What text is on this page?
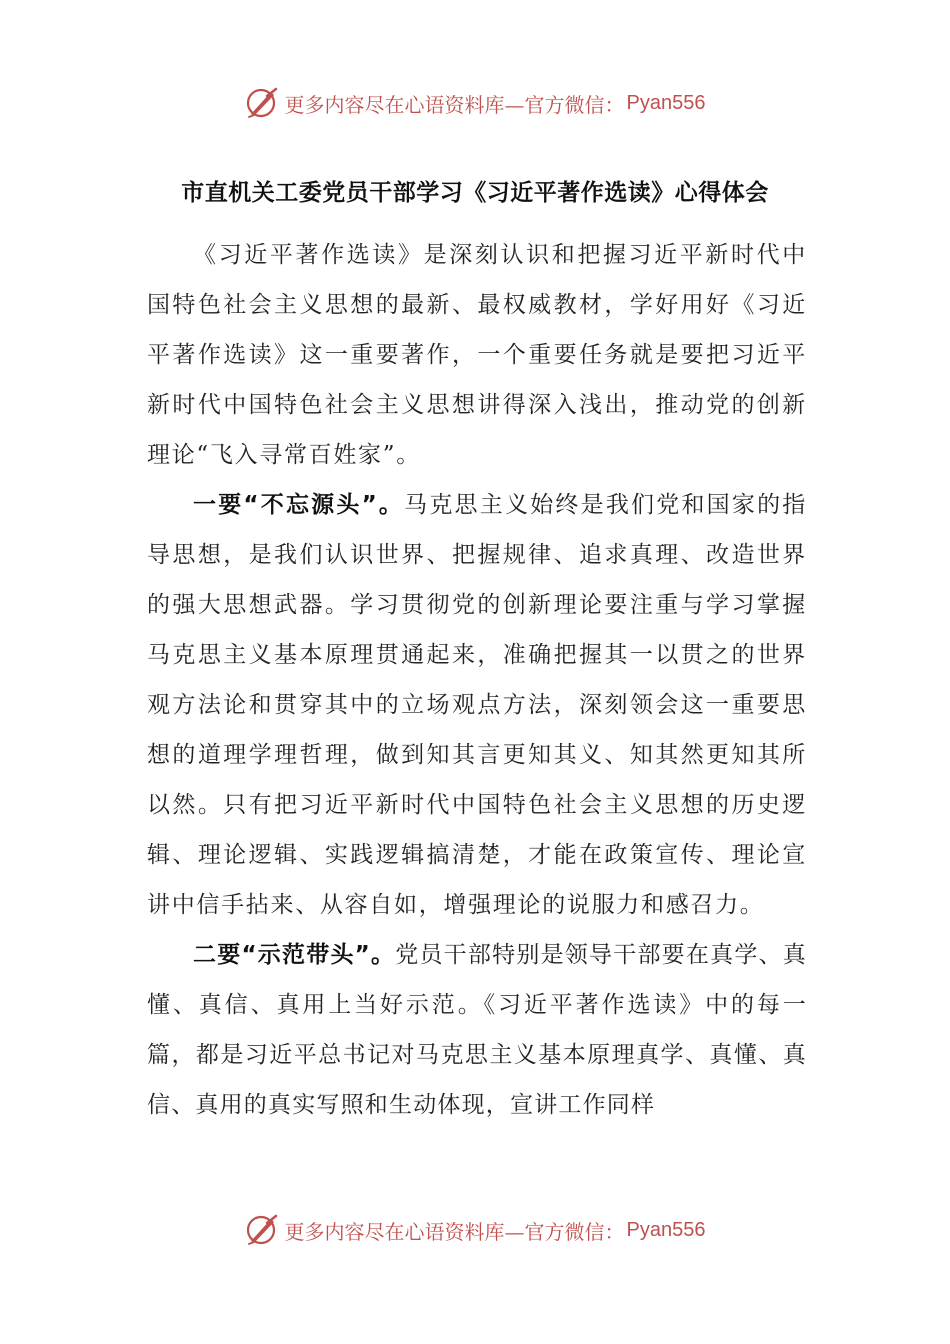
更多内容尽在心语资料库—官方微信： Pyan556
市直机关工委党员干部学习《习近平著作选读》心得体会

《习近平著作选读》是深刻认识和把握习近平新时代中国特色社会主义思想的最新、最权威教材，学好用好《习近平著作选读》这一重要著作，一个重要任务就是要把习近平新时代中国特色社会主义思想讲得深入浅出，推动党的创新理论“飞入寻常百姓家”。

一要“不忘源头”。马克思主义始终是我们党和国家的指导思想，是我们认识世界、把握规律、追求真理、改造世界的强大思想武器。学习贯彻党的创新理论要注重与学习掌握马克思主义基本原理贯通起来，准确把握其一以贯之的世界观方法论和贯穿其中的立场观点方法，深刻领会这一重要思想的道理学理哲理，做到知其言更知其义、知其然更知其所以然。只有把习近平新时代中国特色社会主义思想的历史逻辑、理论逻辑、实践逻辑搞清楚，才能在政策宣传、理论宣讲中信手拈来、从容自如，增强理论的说服力和感召力。

二要“示范带头”。党员干部特别是领导干部要在真学、真懂、真信、真用上当好示范。《习近平著作选读》中的每一篇，都是习近平总书记对马克思主义基本原理真学、真懂、真信、真用的真实写照和生动体现，宣讲工作同样

更多内容尽在心语资料库—官方微信： Pyan556
